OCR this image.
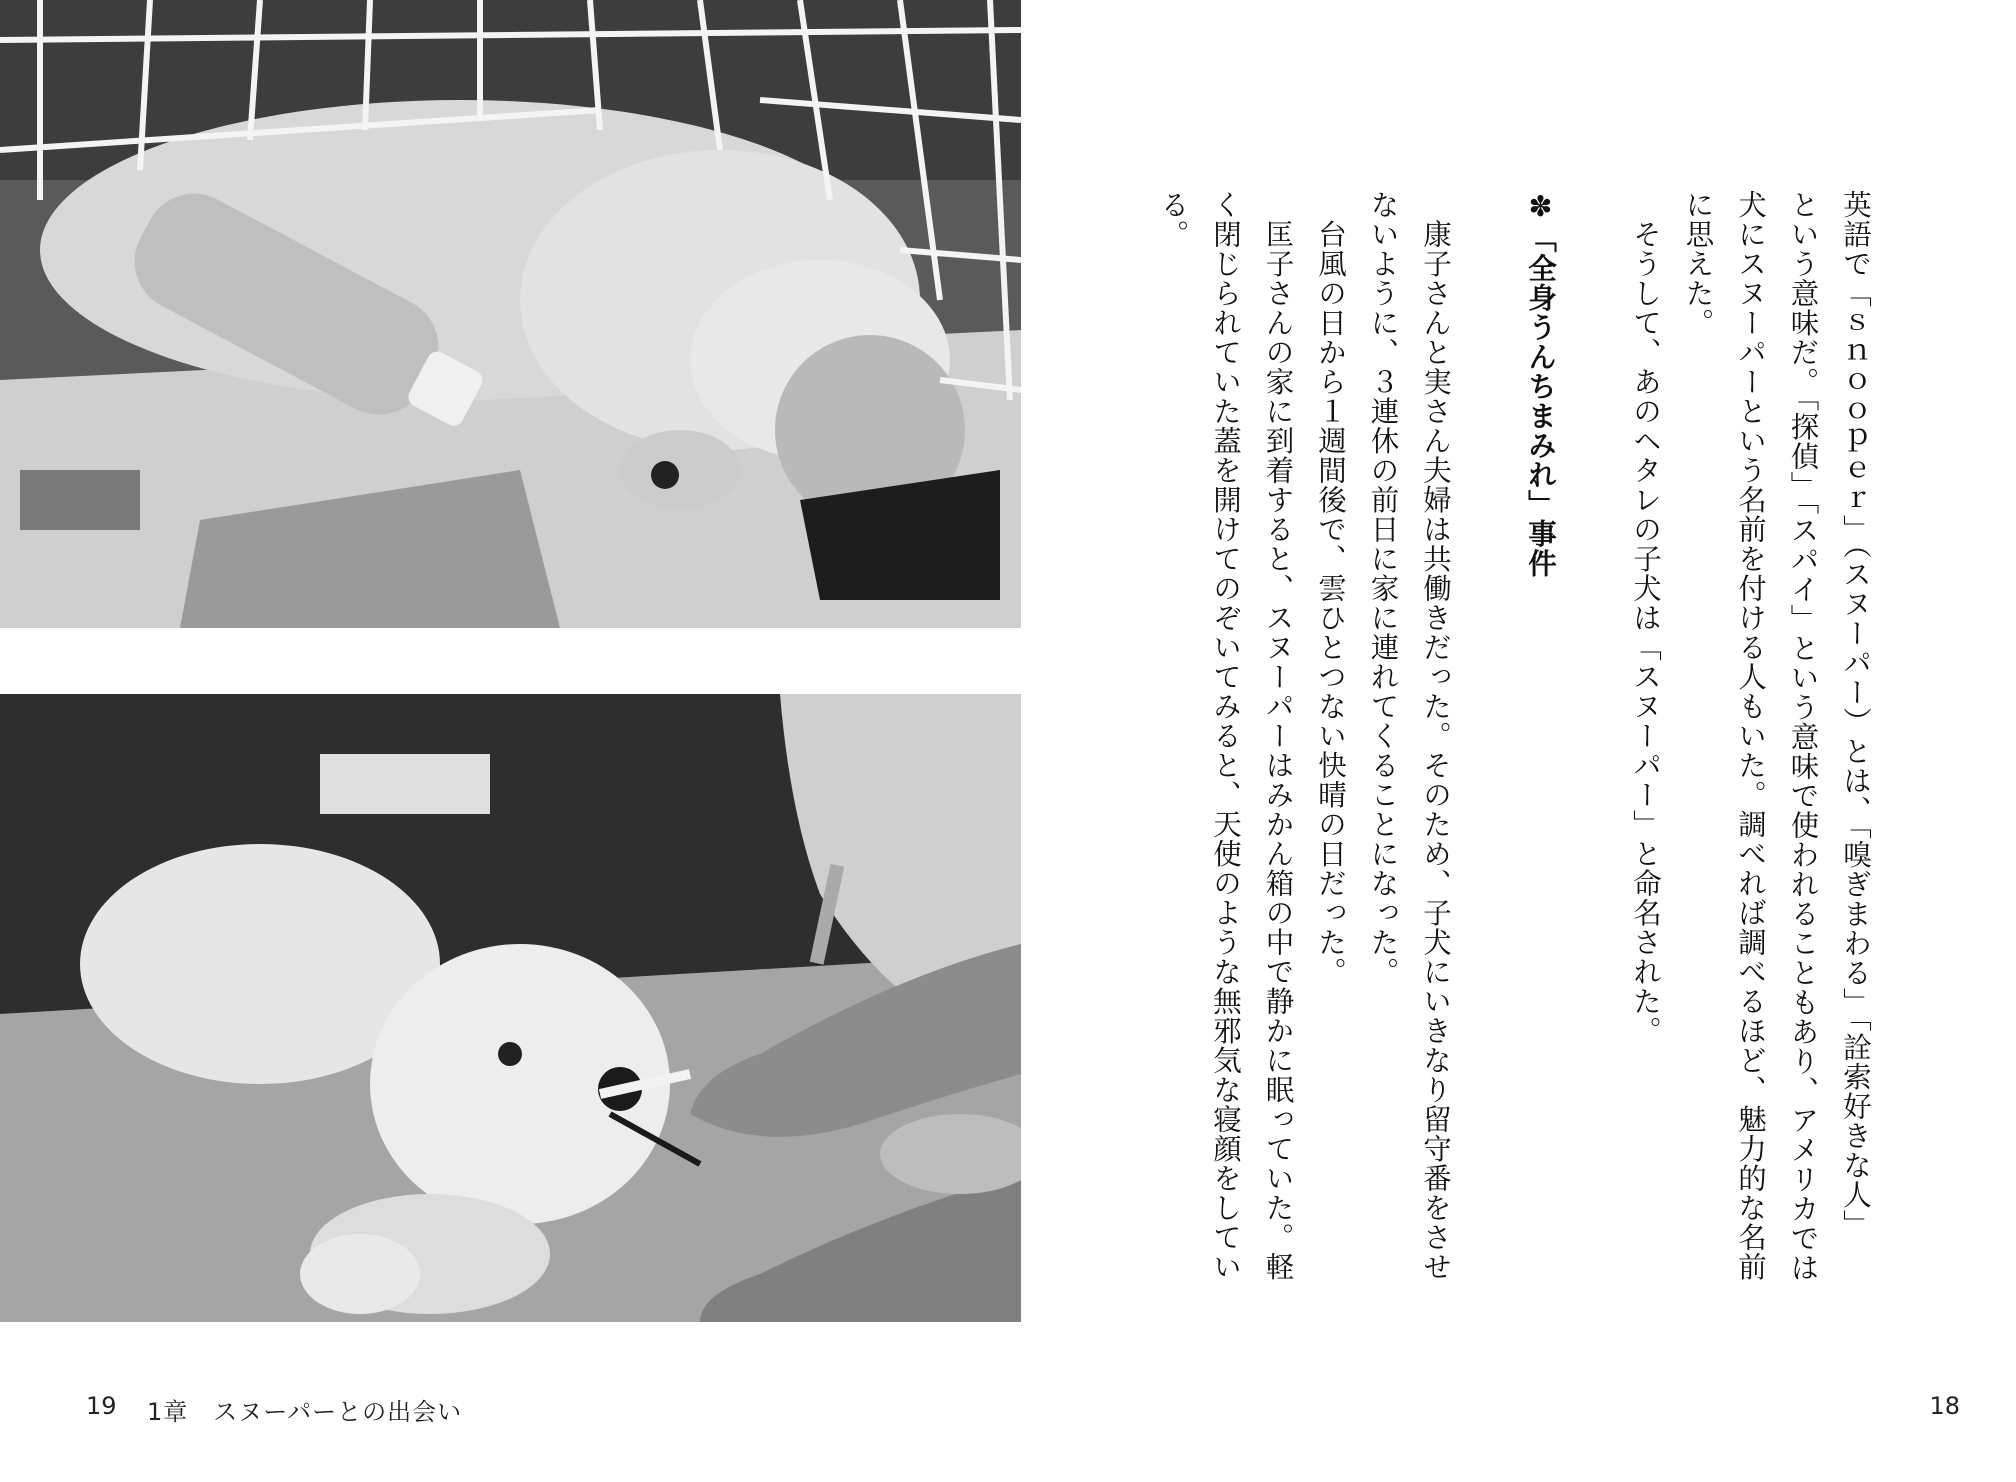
英語で「ｓｎｏｏｐｅｒ」（スヌーパー）とは、「嗅ぎまわる」「詮索好きな人」

という意味だ。「探偵」「スパイ」という意味で使われることもあり、アメリカでは

犬にスヌーパーという名前を付ける人もいた。調べれば調べるほど、魅力的な名前

に思えた。

　そうして、あのヘタレの子犬は「スヌーパー」と命名された。

✽「全身うんちまみれ」事件

　康子さんと実さん夫婦は共働きだった。そのため、子犬にいきなり留守番をさせ

ないように、３連休の前日に家に連れてくることになった。

　台風の日から１週間後で、雲ひとつない快晴の日だった。

　匡子さんの家に到着すると、スヌーパーはみかん箱の中で静かに眠っていた。軽

く閉じられていた蓋を開けてのぞいてみると、天使のような無邪気な寝顔をしてい

る。

19 1章　スヌーパーとの出会い	18
